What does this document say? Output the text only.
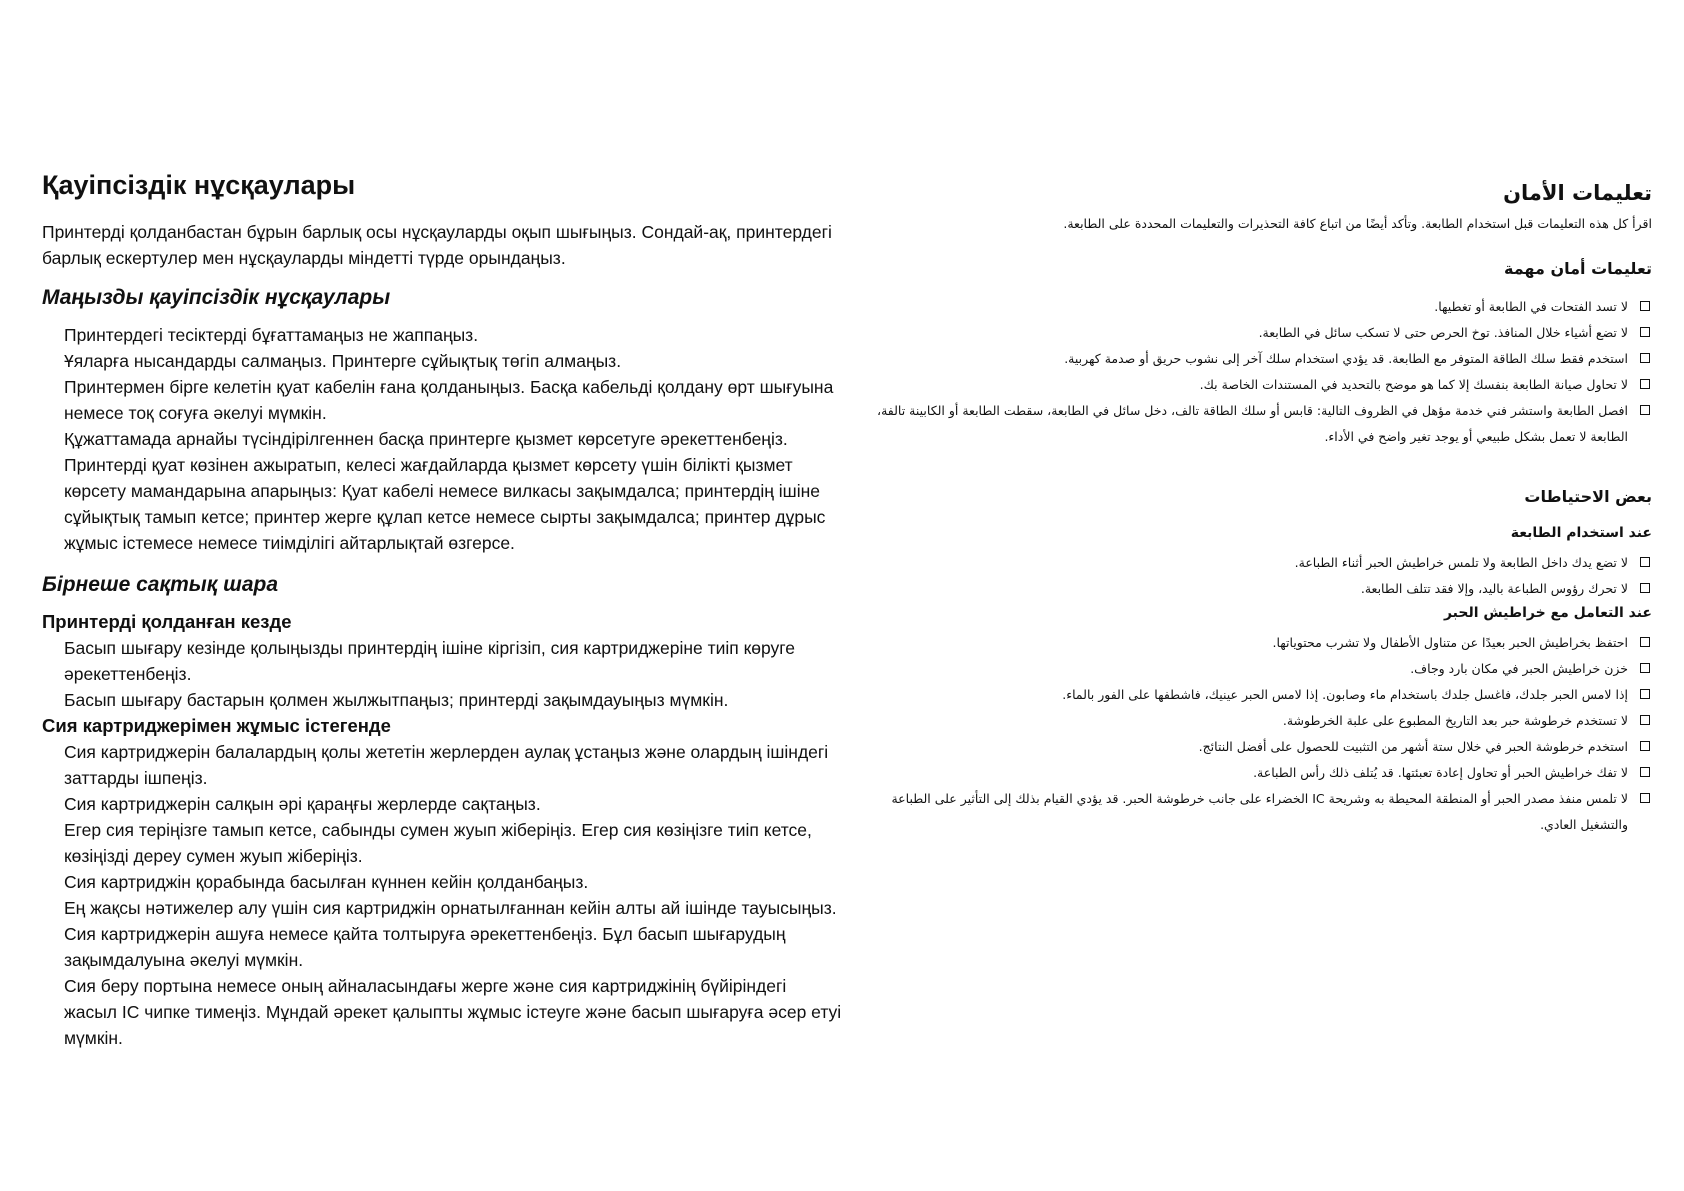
Қауіпсіздік нұсқаулары

Принтерді қолданбастан бұрын барлық осы нұсқауларды оқып шығыңыз. Сондай-ақ, принтердегі барлық ескертулер мен нұсқауларды міндетті түрде орындаңыз.

Маңызды қауіпсіздік нұсқаулары
Принтердегі тесіктерді бұғаттамаңыз не жаппаңыз.
Ұяларға нысандарды салмаңыз. Принтерге сұйықтық төгіп алмаңыз.
Принтермен бірге келетін қуат кабелін ғана қолданыңыз. Басқа кабельді қолдану өрт шығуына немесе тоқ соғуға әкелуі мүмкін.
Құжаттамада арнайы түсіндірілгеннен басқа принтерге қызмет көрсетуге әрекеттенбеңіз.
Принтерді қуат көзінен ажыратып, келесі жағдайларда қызмет көрсету үшін білікті қызмет көрсету мамандарына апарыңыз: Қуат кабелі немесе вилкасы зақымдалса; принтердің ішіне сұйықтық тамып кетсе; принтер жерге құлап кетсе немесе сырты зақымдалса; принтер дұрыс жұмыс істемесе немесе тиімділігі айтарлықтай өзгерсе.
Бірнеше сақтық шара
Принтерді қолданған кезде
Басып шығару кезінде қолыңызды принтердің ішіне кіргізіп, сия картриджеріне тиіп көруге әрекеттенбеңіз.
Басып шығару бастарын қолмен жылжытпаңыз; принтерді зақымдауыңыз мүмкін.
Сия картриджерімен жұмыс істегенде
Сия картриджерін балалардың қолы жететін жерлерден аулақ ұстаңыз және олардың ішіндегі заттарды ішпеңіз.
Сия картриджерін салқын әрі қараңғы жерлерде сақтаңыз.
Егер сия теріңізге тамып кетсе, сабынды сумен жуып жіберіңіз. Егер сия көзіңізге тиіп кетсе, көзіңізді дереу сумен жуып жіберіңіз.
Сия картриджін қорабында басылған күннен кейін қолданбаңыз.
Ең жақсы нәтижелер алу үшін сия картриджін орнатылғаннан кейін алты ай ішінде тауысыңыз.
Сия картриджерін ашуға немесе қайта толтыруға әрекеттенбеңіз. Бұл басып шығарудың зақымдалуына әкелуі мүмкін.
Сия беру портына немесе оның айналасындағы жерге және сия картриджінің бүйіріндегі жасыл IC чипке тимеңіз. Мұндай әрекет қалыпты жұмыс істеуге және басып шығаруға әсер етуі мүмкін.
تعليمات الأمان

اقرأ كل هذه التعليمات قبل استخدام الطابعة. وتأكد أيضًا من اتباع كافة التحذيرات والتعليمات المحددة على الطابعة.

تعليمات أمان مهمة
لا تسد الفتحات في الطابعة أو تغطيها.
لا تضع أشياء خلال المنافذ. توخ الحرص حتى لا تسكب سائل في الطابعة.
استخدم فقط سلك الطاقة المتوفر مع الطابعة. قد يؤدي استخدام سلك آخر إلى نشوب حريق أو صدمة كهربية.
لا تحاول صيانة الطابعة بنفسك إلا كما هو موضح بالتحديد في المستندات الخاصة بك.
افصل الطابعة واستشر فني خدمة مؤهل في الظروف التالية: قابس أو سلك الطاقة تالف، دخل سائل في الطابعة، سقطت الطابعة أو الكابينة تالفة، الطابعة لا تعمل بشكل طبيعي أو يوجد تغير واضح في الأداء.
بعض الاحتياطات
عند استخدام الطابعة
لا تضع يدك داخل الطابعة ولا تلمس خراطيش الحبر أثناء الطباعة.
لا تحرك رؤوس الطباعة باليد، وإلا فقد تتلف الطابعة.
عند التعامل مع خراطيش الحبر
احتفظ بخراطيش الحبر بعيدًا عن متناول الأطفال ولا تشرب محتوياتها.
خزن خراطيش الحبر في مكان بارد وجاف.
إذا لامس الحبر جلدك، فاغسل جلدك باستخدام ماء وصابون. إذا لامس الحبر عينيك، فاشطفها على الفور بالماء.
لا تستخدم خرطوشة حبر بعد التاريخ المطبوع على علبة الخرطوشة.
استخدم خرطوشة الحبر في خلال ستة أشهر من التثبيت للحصول على أفضل النتائج.
لا تفك خراطيش الحبر أو تحاول إعادة تعبئتها. قد يُتلف ذلك رأس الطباعة.
لا تلمس منفذ مصدر الحبر أو المنطقة المحيطة به وشريحة IC الخضراء على جانب خرطوشة الحبر. قد يؤدي القيام بذلك إلى التأثير على الطباعة والتشغيل العادي.
